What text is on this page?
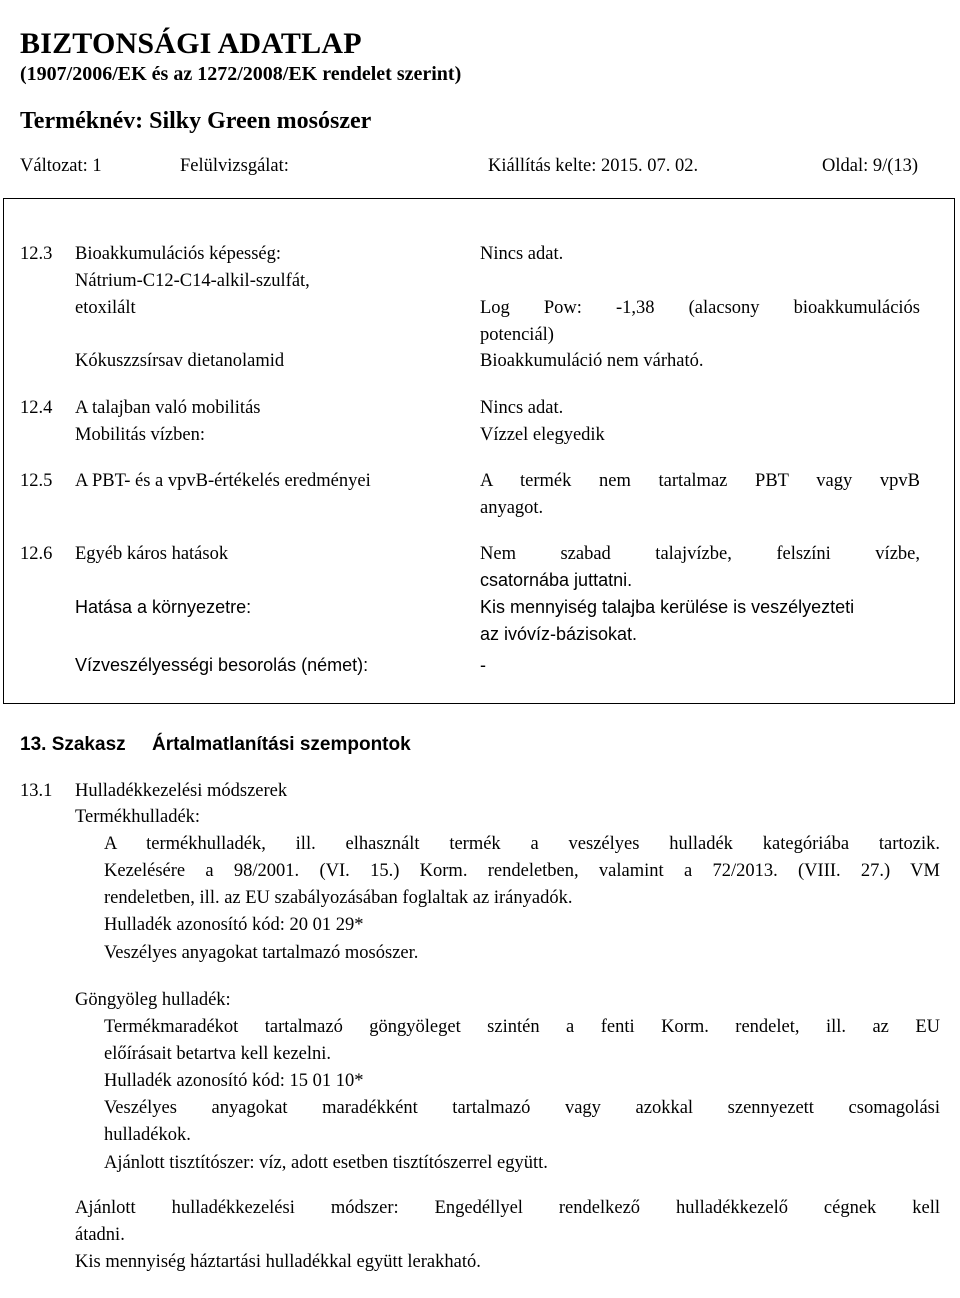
BIZTONSÁGI ADATLAP
(1907/2006/EK és az 1272/2008/EK rendelet szerint)
Terméknév: Silky Green mosószer
Változat: 1	Felülvizsgálat:	Kiállítás kelte: 2015. 07. 02.	Oldal: 9/(13)
12.3 Bioakkumulációs képesség:	Nincs adat.
Nátrium-C12-C14-alkil-szulfát,
etoxilált	Log Pow: -1,38 (alacsony bioakkumulációs
potenciál)
Kókuszzsírsav dietanolamid	Bioakkumuláció nem várható.
12.4 A talajban való mobilitás	Nincs adat.
Mobilitás vízben:	Vízzel elegyedik
12.5 A PBT- és a vpvB-értékelés eredményei	A termék nem tartalmaz PBT vagy vpvB
anyagot.
12.6 Egyéb káros hatások	Nem szabad talajvízbe, felszíni vízbe,
csatornába juttatni.
Hatása a környezetre:	Kis mennyiség talajba kerülése is veszélyezteti
az ivóvíz-bázisokat.
Vízveszélyességi besorolás (német):	-
13. Szakasz Ártalmatlanítási szempontok
13.1 Hulladékkezelési módszerek
Termékhulladék:
A termékhulladék, ill. elhasznált termék a veszélyes hulladék kategóriába tartozik.
Kezelésére a 98/2001. (VI. 15.) Korm. rendeletben, valamint a 72/2013. (VIII. 27.) VM
rendeletben, ill. az EU szabályozásában foglaltak az irányadók.
Hulladék azonosító kód: 20 01 29*
Veszélyes anyagokat tartalmazó mosószer.
Göngyöleg hulladék:
Termékmaradékot tartalmazó göngyöleget szintén a fenti Korm. rendelet, ill. az EU
előírásait betartva kell kezelni.
Hulladék azonosító kód: 15 01 10*
Veszélyes anyagokat maradékként tartalmazó vagy azokkal szennyezett csomagolási
hulladékok.
Ajánlott tisztítószer: víz, adott esetben tisztítószerrel együtt.
Ajánlott hulladékkezelési módszer: Engedéllyel rendelkező hulladékkezelő cégnek kell
átadni.
Kis mennyiség háztartási hulladékkal együtt lerakható.
